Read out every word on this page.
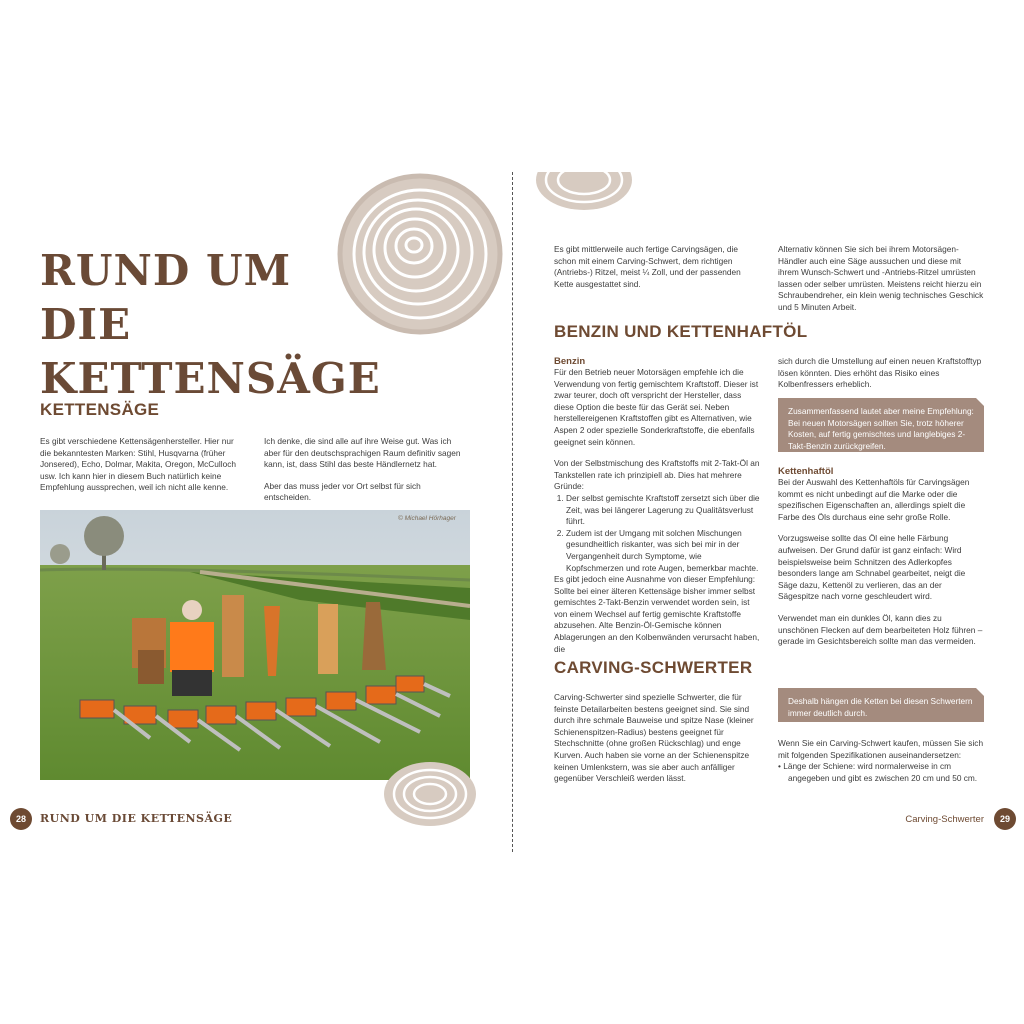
RUND UM DIE

KETTENSÄGE

KETTENSÄGE

Es gibt verschiedene Kettensägenhersteller. Hier nur die bekanntesten Marken: Stihl, Husqvarna (früher Jonsered), Echo, Dolmar, Makita, Oregon, McCulloch usw. Ich kann hier in diesem Buch natürlich keine Empfehlung aussprechen, weil ich nicht alle kenne.

Ich denke, die sind alle auf ihre Weise gut. Was ich aber für den deutschsprachigen Raum definitiv sagen kann, ist, dass Stihl das beste Händlernetz hat.

Aber das muss jeder vor Ort selbst für sich entscheiden.

© Michael Hörhager
28	RUND UM DIE KETTENSÄGE

Es gibt mittlerweile auch fertige Carvingsägen, die schon mit einem Carving-Schwert, dem richtigen (Antriebs-) Ritzel, meist ¼ Zoll, und der passenden Kette ausgestattet sind.

Alternativ können Sie sich bei ihrem Motorsägen-Händler auch eine Säge aussuchen und diese mit ihrem Wunsch-Schwert und -Antriebs-Ritzel umrüsten lassen oder selber umrüsten. Meistens reicht hierzu ein Schraubendreher, ein klein wenig technisches Geschick und 5 Minuten Arbeit.

BENZIN UND KETTENHAFTÖL

Benzin

Für den Betrieb neuer Motorsägen empfehle ich die Verwendung von fertig gemischtem Kraftstoff. Dieser ist zwar teurer, doch oft verspricht der Hersteller, dass diese Option die beste für das Gerät sei. Neben herstellereigenen Kraftstoffen gibt es Alternativen, wie Aspen 2 oder spezielle Sonderkraftstoffe, die ebenfalls geeignet sein können.

Von der Selbstmischung des Kraftstoffs mit 2-Takt-Öl an Tankstellen rate ich prinzipiell ab. Dies hat mehrere Gründe:

1. Der selbst gemischte Kraftstoff zersetzt sich über die Zeit, was bei längerer Lagerung zu Qualitätsverlust führt.
2. Zudem ist der Umgang mit solchen Mischungen gesundheitlich riskanter, was sich bei mir in der Vergangenheit durch Symptome, wie Kopfschmerzen und rote Augen, bemerkbar machte.

Es gibt jedoch eine Ausnahme von dieser Empfehlung: Sollte bei einer älteren Kettensäge bisher immer selbst gemischtes 2-Takt-Benzin verwendet worden sein, ist von einem Wechsel auf fertig gemischte Kraftstoffe abzusehen. Alte Benzin-Öl-Gemische können Ablagerungen an den Kolbenwänden verursacht haben, die

sich durch die Umstellung auf einen neuen Kraftstofftyp lösen könnten. Dies erhöht das Risiko eines Kolbenfressers erheblich.

Zusammenfassend lautet aber meine Empfehlung: Bei neuen Motorsägen sollten Sie, trotz höherer Kosten, auf fertig gemischtes und langlebiges 2-Takt-Benzin zurückgreifen.

Kettenhaftöl

Bei der Auswahl des Kettenhaftöls für Carvingsägen kommt es nicht unbedingt auf die Marke oder die spezifischen Eigenschaften an, allerdings spielt die Farbe des Öls durchaus eine sehr große Rolle.

Vorzugsweise sollte das Öl eine helle Färbung aufweisen. Der Grund dafür ist ganz einfach: Wird beispielsweise beim Schnitzen des Adlerkopfes besonders lange am Schnabel gearbeitet, neigt die Säge dazu, Kettenöl zu verlieren, das an der Sägespitze nach vorne geschleudert wird.

Verwendet man ein dunkles Öl, kann dies zu unschönen Flecken auf dem bearbeiteten Holz führen – gerade im Gesichtsbereich sollte man das vermeiden.

CARVING-SCHWERTER

Carving-Schwerter sind spezielle Schwerter, die für feinste Detailarbeiten bestens geeignet sind. Sie sind durch ihre schmale Bauweise und spitze Nase (kleiner Schienenspitzen-Radius) bestens geeignet für Stechschnitte (ohne großen Rückschlag) und enge Kurven. Auch haben sie vorne an der Schienenspitze keinen Umlenkstern, was sie aber auch anfälliger gegenüber Verschleiß werden lässt.

Deshalb hängen die Ketten bei diesen Schwertern immer deutlich durch.

Wenn Sie ein Carving-Schwert kaufen, müssen Sie sich mit folgenden Spezifikationen auseinandersetzen:

• Länge der Schiene: wird normalerweise in cm angegeben und gibt es zwischen 20 cm und 50 cm.
Carving-Schwerter	29
